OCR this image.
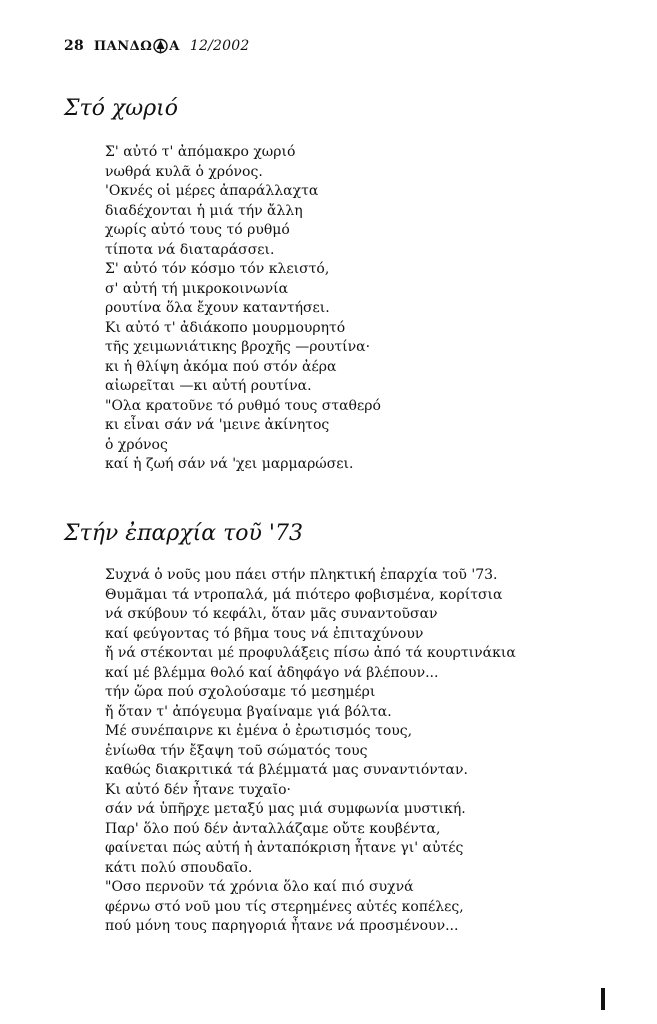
28 ΠΑΝΔΩ Α 12/2002
Στό χωριό
Σ' αὐτό τ' ἀπόμακρο χωριό
νωθρά κυλᾶ ὁ χρόνος.
'Οκνές οἱ μέρες ἀπαράλλαχτα
διαδέχονται ἡ μιά τήν ἄλλη
χωρίς αὐτό τους τό ρυθμό
τίποτα νά διαταράσσει.
Σ' αὐτό τόν κόσμο τόν κλειστό,
σ' αὐτή τή μικροκοινωνία
ρουτίνα ὅλα ἔχουν καταντήσει.
Κι αὐτό τ' ἀδιάκοπο μουρμουρητό
τῆς χειμωνιάτικης βροχῆς —ρουτίνα·
κι ἡ θλίψη ἀκόμα πού στόν ἀέρα
αἰωρεῖται —κι αὐτή ρουτίνα.
"Ολα κρατοῦνε τό ρυθμό τους σταθερό
κι εἶναι σάν νά 'μεινε ἀκίνητος
ὁ χρόνος
καί ἡ ζωή σάν νά 'χει μαρμαρώσει.
Στήν ἐπαρχία τοῦ '73
Συχνά ὁ νοῦς μου πάει στήν πληκτική ἐπαρχία τοῦ '73.
Θυμᾶμαι τά ντροπαλά, μά πιότερο φοβισμένα, κορίτσια
νά σκύβουν τό κεφάλι, ὅταν μᾶς συναντοῦσαν
καί φεύγοντας τό βῆμα τους νά ἐπιταχύνουν
ἤ νά στέκονται μέ προφυλάξεις πίσω ἀπό τά κουρτινάκια
καί μέ βλέμμα θολό καί ἀδηφάγο νά βλέπουν...
τήν ὥρα πού σχολούσαμε τό μεσημέρι
ἤ ὅταν τ' ἀπόγευμα βγαίναμε γιά βόλτα.
Μέ συνέπαιρνε κι ἐμένα ὁ ἐρωτισμός τους,
ἐνίωθα τήν ἔξαψη τοῦ σώματός τους
καθώς διακριτικά τά βλέμματά μας συναντιόνταν.
Κι αὐτό δέν ἦτανε τυχαῖο·
σάν νά ὑπῆρχε μεταξύ μας μιά συμφωνία μυστική.
Παρ' ὅλο πού δέν ἀνταλλάζαμε οὔτε κουβέντα,
φαίνεται πώς αὐτή ἡ ἀνταπόκριση ἦτανε γι' αὐτές
κάτι πολύ σπουδαῖο.
"Οσο περνοῦν τά χρόνια ὅλο καί πιό συχνά
φέρνω στό νοῦ μου τίς στερημένες αὐτές κοπέλες,
πού μόνη τους παρηγοριά ἦτανε νά προσμένουν...
